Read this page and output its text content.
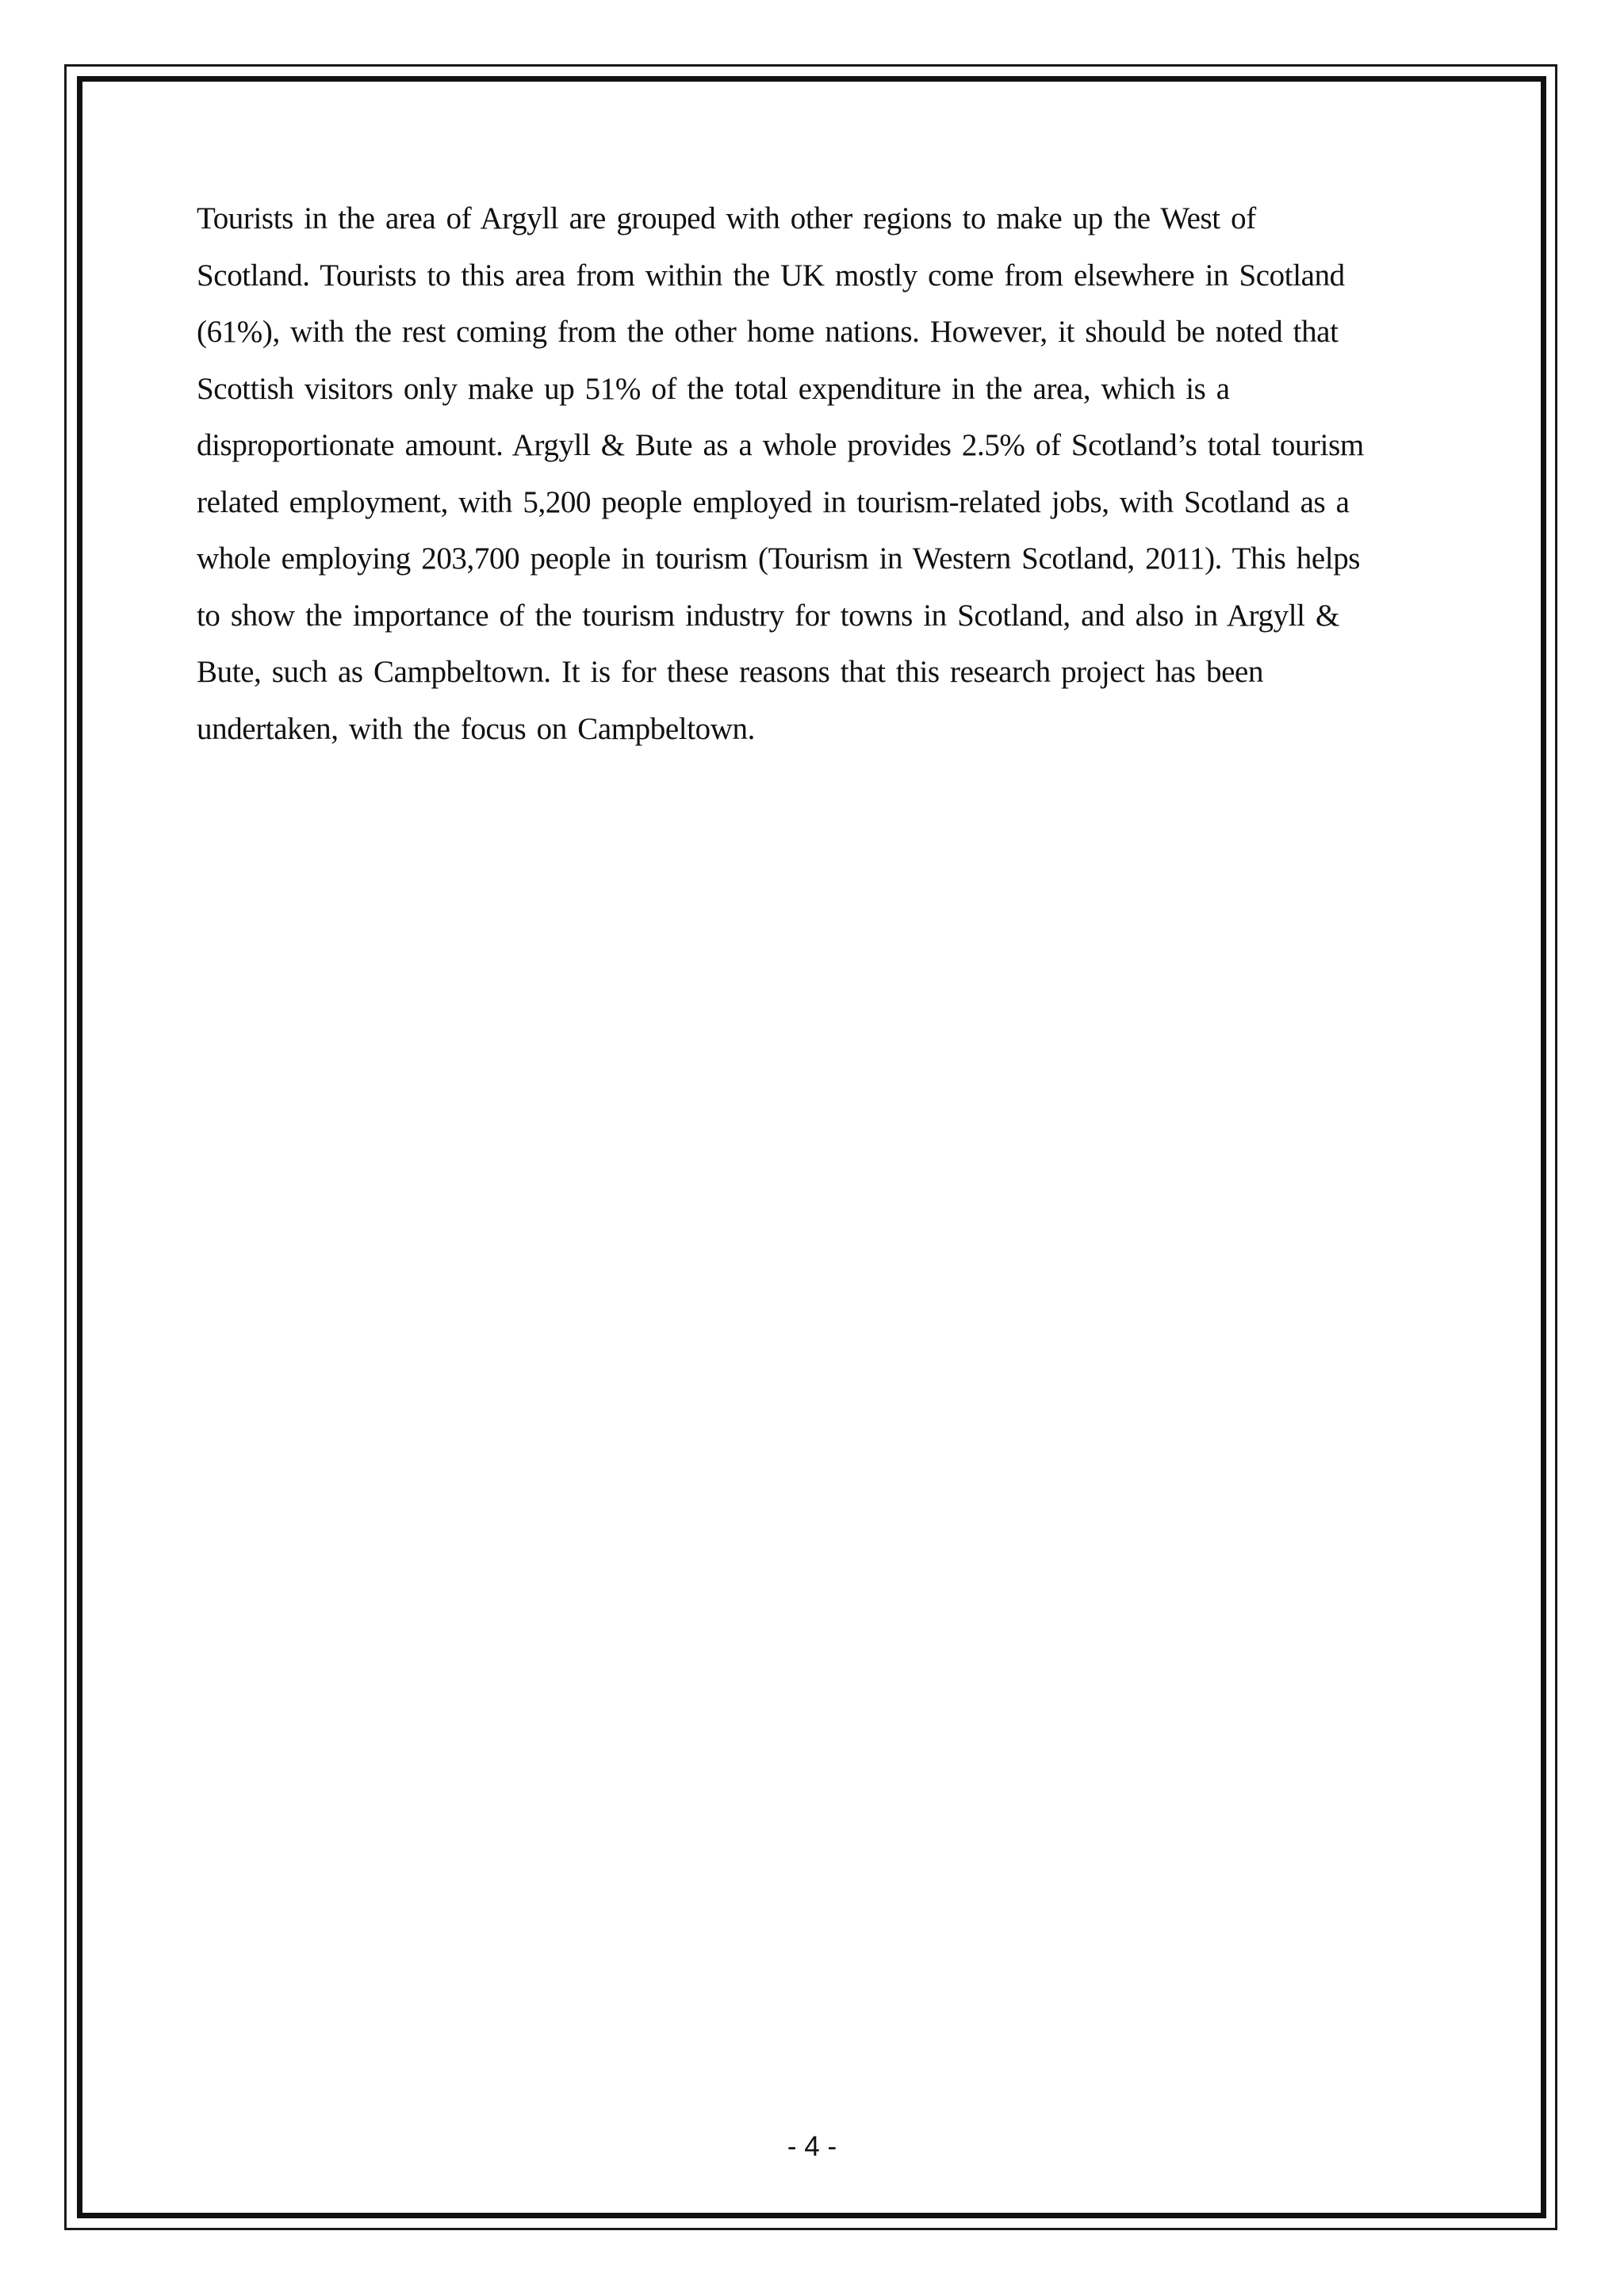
Tourists in the area of Argyll are grouped with other regions to make up the West of
Scotland. Tourists to this area from within the UK mostly come from elsewhere in Scotland
(61%), with the rest coming from the other home nations. However, it should be noted that
Scottish visitors only make up 51% of the total expenditure in the area, which is a
disproportionate amount. Argyll & Bute as a whole provides 2.5% of Scotland’s total tourism
related employment, with 5,200 people employed in tourism-related jobs, with Scotland as a
whole employing 203,700 people in tourism (Tourism in Western Scotland, 2011). This helps
to show the importance of the tourism industry for towns in Scotland, and also in Argyll &
Bute, such as Campbeltown. It is for these reasons that this research project has been
undertaken, with the focus on Campbeltown.

- 4 -
